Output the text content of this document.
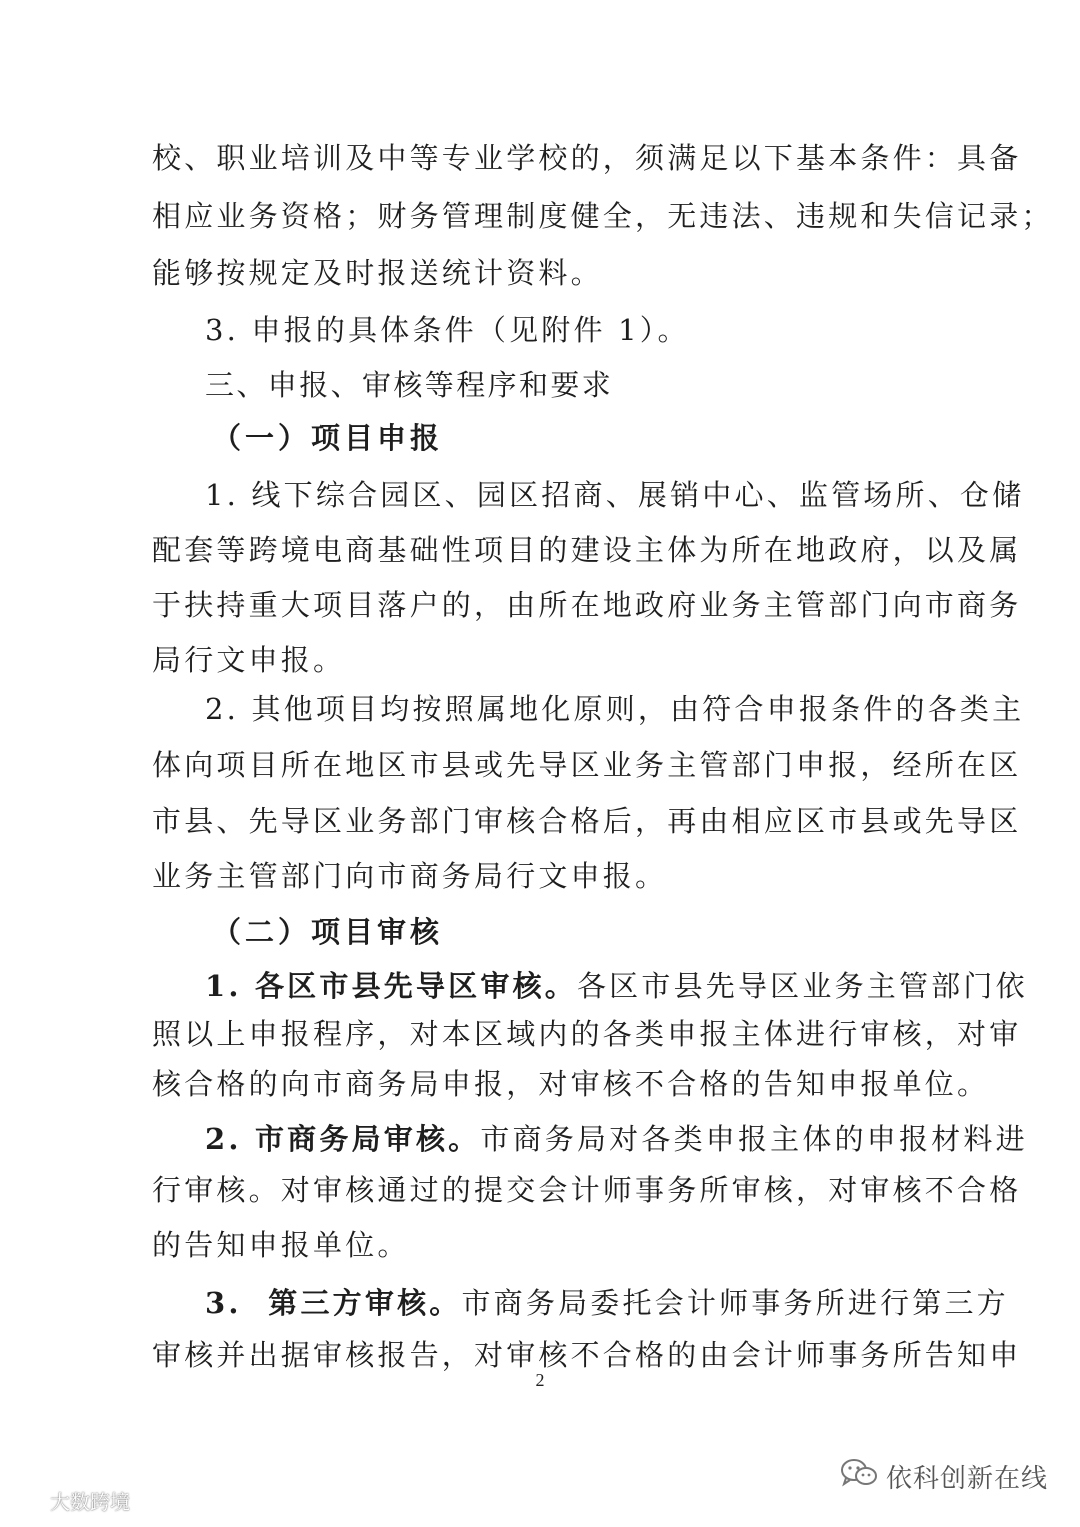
校、职业培训及中等专业学校的，须满足以下基本条件：具备
相应业务资格；财务管理制度健全，无违法、违规和失信记录；
能够按规定及时报送统计资料。
3. 申报的具体条件（见附件 1）。
三、申报、审核等程序和要求
（一）项目申报
1. 线下综合园区、园区招商、展销中心、监管场所、仓储
配套等跨境电商基础性项目的建设主体为所在地政府，以及属
于扶持重大项目落户的，由所在地政府业务主管部门向市商务
局行文申报。
2. 其他项目均按照属地化原则，由符合申报条件的各类主
体向项目所在地区市县或先导区业务主管部门申报，经所在区
市县、先导区业务部门审核合格后，再由相应区市县或先导区
业务主管部门向市商务局行文申报。
（二）项目审核
1. 各区市县先导区审核。各区市县先导区业务主管部门依
照以上申报程序，对本区域内的各类申报主体进行审核，对审
核合格的向市商务局申报，对审核不合格的告知申报单位。
2. 市商务局审核。市商务局对各类申报主体的申报材料进
行审核。对审核通过的提交会计师事务所审核，对审核不合格
的告知申报单位。
3.  第三方审核。市商务局委托会计师事务所进行第三方
审核并出据审核报告，对审核不合格的由会计师事务所告知申
2
大数跨境
依科创新在线
